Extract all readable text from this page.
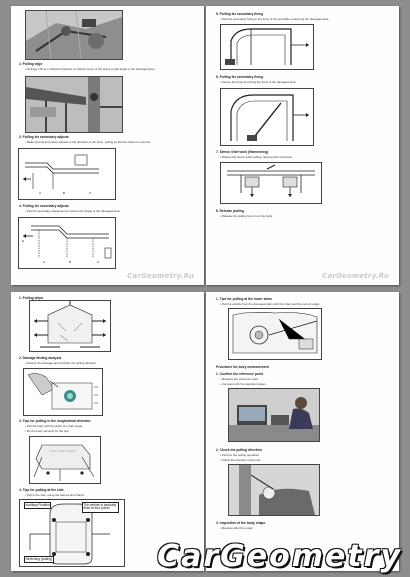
2. Pulling edge
• Arrange a lift to a sufficient distance so that the force of the pull is a right angle to the damaged area.
3. Pulling for secondary adjusts
• Make several secondary adjusts to the direction of the force, pulling so that the frame is restored.
A	B	C
4. Pulling for secondary adjusts
• Pull the secondary adjustment to restore the shape of the damaged area.
E
A	B	C
CarGeometry.Ru
5. Pulling for secondary fixing
• Perform secondary fixing to the force of the pull while measuring the damaged area.
6. Pulling for secondary fixing
• Secure the body and fixing the force of the damaged area.
7. Stress relief work (Hammering)
• Relieve the stress while pulling, tapping with a hammer.
8. Release pulling
• Release the pulling force from the body.
CarGeometry.Ru
1. Pulling steps
2. Damage finding analysis
• Analyze the damage and consider the pulling direction.
3. Tips for pulling in the longitudinal direction
• Pull the body with the chain at a right angle.
• Fix the body securely for the pull.
4. Tips for pulling at the side
• Pull to the side, using the clamps and chains.
Auxiliary Position	The vehicle is basically fixed at four points
Stretching (pulling)
1. Tips for pulling at the lower sides
• Pull the vehicle from the damaged parts with the chain and the correct angle.
Procedure for body measurement
1. Confirm the reference point
• Measure the reference point.
• Compare with the standard values.
2. Check the pulling direction
• Perform the pulling operation.
• Check the direction of the pull.
3. Inspection of the body shape
• Measure after the repair.
CarGeometry
